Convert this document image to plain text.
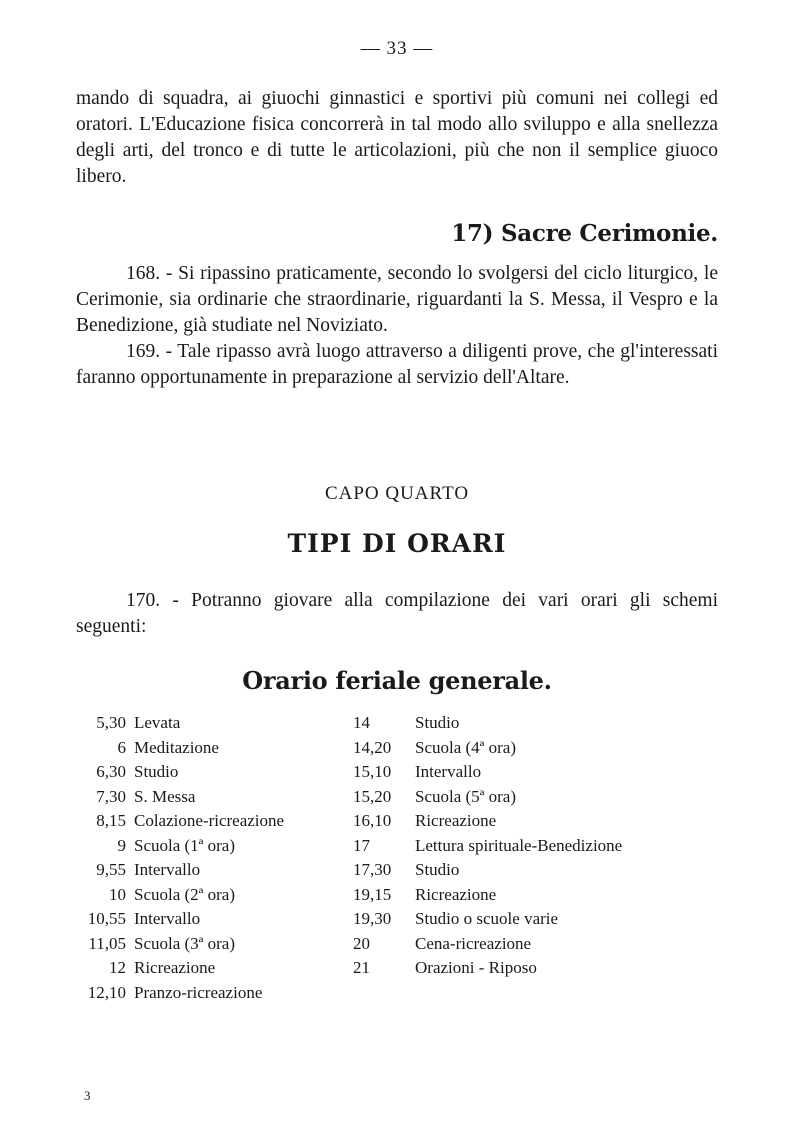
— 33 —

mando di squadra, ai giuochi ginnastici e sportivi più comuni nei collegi ed oratori. L'Educazione fisica concorrerà in tal modo allo sviluppo e alla snellezza degli arti, del tronco e di tutte le articolazioni, più che non il semplice giuoco libero.

17) Sacre Cerimonie.

168. - Si ripassino praticamente, secondo lo svolgersi del ciclo liturgico, le Cerimonie, sia ordinarie che straordinarie, riguardanti la S. Messa, il Vespro e la Benedizione, già studiate nel Noviziato.

169. - Tale ripasso avrà luogo attraverso a diligenti prove, che gl'interessati faranno opportunamente in preparazione al servizio dell'Altare.

CAPO QUARTO
TIPI DI ORARI

170. - Potranno giovare alla compilazione dei vari orari gli schemi seguenti:

Orario feriale generale.
5,30 Levata
6 Meditazione
6,30 Studio
7,30 S. Messa
8,15 Colazione-ricreazione
9 Scuola (1ª ora)
9,55 Intervallo
10 Scuola (2ª ora)
10,55 Intervallo
11,05 Scuola (3ª ora)
12 Ricreazione
12,10 Pranzo-ricreazione
14	Studio
14,20	Scuola (4ª ora)
15,10	Intervallo
15,20	Scuola (5ª ora)
16,10	Ricreazione
17	Lettura spirituale-Benedizione
17,30	Studio
19,15	Ricreazione
19,30	Studio o scuole varie
20	Cena-ricreazione
21	Orazioni - Riposo
3
